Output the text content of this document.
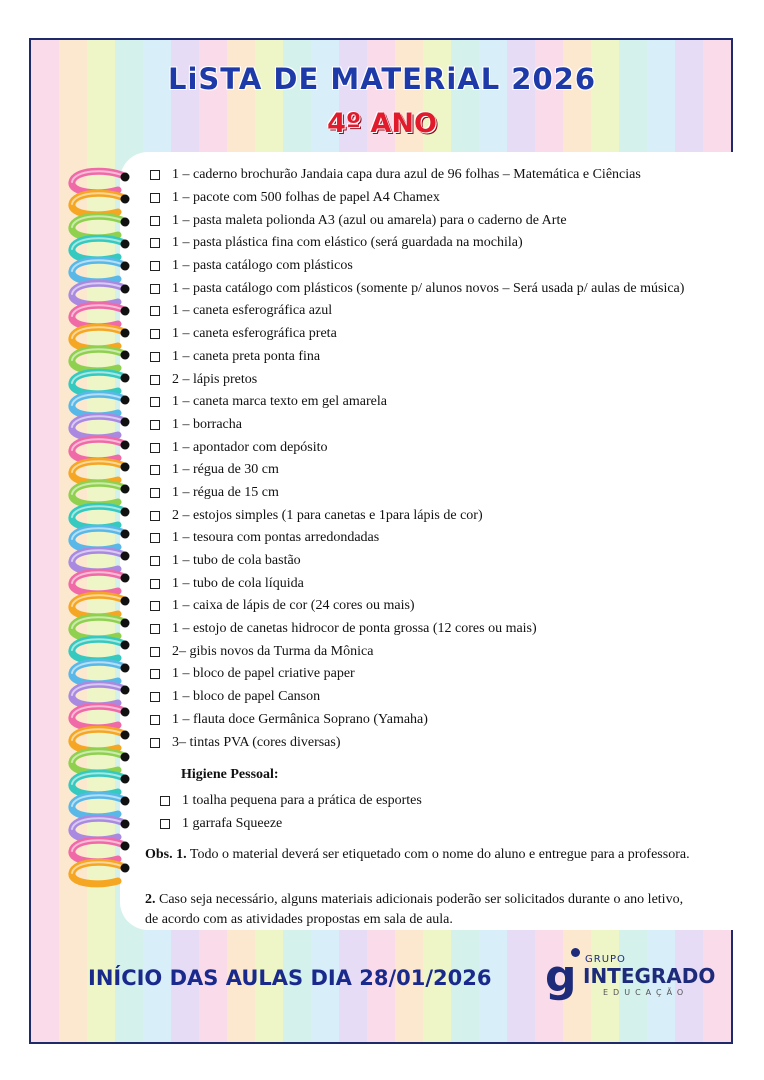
LiSTA DE MATERiAL 2026
4º ANO
1 – caderno brochurão Jandaia capa dura azul de 96 folhas – Matemática e Ciências
1 – pacote com 500 folhas de papel A4 Chamex
1 – pasta maleta polionda A3 (azul ou amarela) para o caderno de Arte
1 – pasta plástica fina com elástico (será guardada na mochila)
1 – pasta catálogo com plásticos
1 – pasta catálogo com plásticos (somente p/ alunos novos – Será usada p/ aulas de música)
1 – caneta esferográfica azul
1 – caneta esferográfica preta
1 – caneta preta ponta fina
2 – lápis pretos
1 – caneta marca texto em gel amarela
1 – borracha
1 – apontador com depósito
1 – régua de 30 cm
1 – régua de 15 cm
2 – estojos simples (1 para canetas e 1para lápis de cor)
1 – tesoura com pontas arredondadas
1 – tubo de cola bastão
1 – tubo de cola líquida
1 – caixa de lápis de cor (24 cores ou mais)
1 – estojo de canetas hidrocor de ponta grossa (12 cores ou mais)
2– gibis novos da Turma da Mônica
1 – bloco de papel criative paper
1 – bloco de papel Canson
1 – flauta doce Germânica Soprano (Yamaha)
3– tintas PVA (cores diversas)
Higiene Pessoal:
1 toalha pequena para a prática de esportes
1 garrafa Squeeze
Obs. 1. Todo o material deverá ser etiquetado com o nome do aluno e entregue para a professora.
2. Caso seja necessário, alguns materiais adicionais poderão ser solicitados durante o ano letivo, de acordo com as atividades propostas em sala de aula.
INÍCIO DAS AULAS DIA 28/01/2026 g GRUPO
INTEGRADO
EDUCAÇÃO
